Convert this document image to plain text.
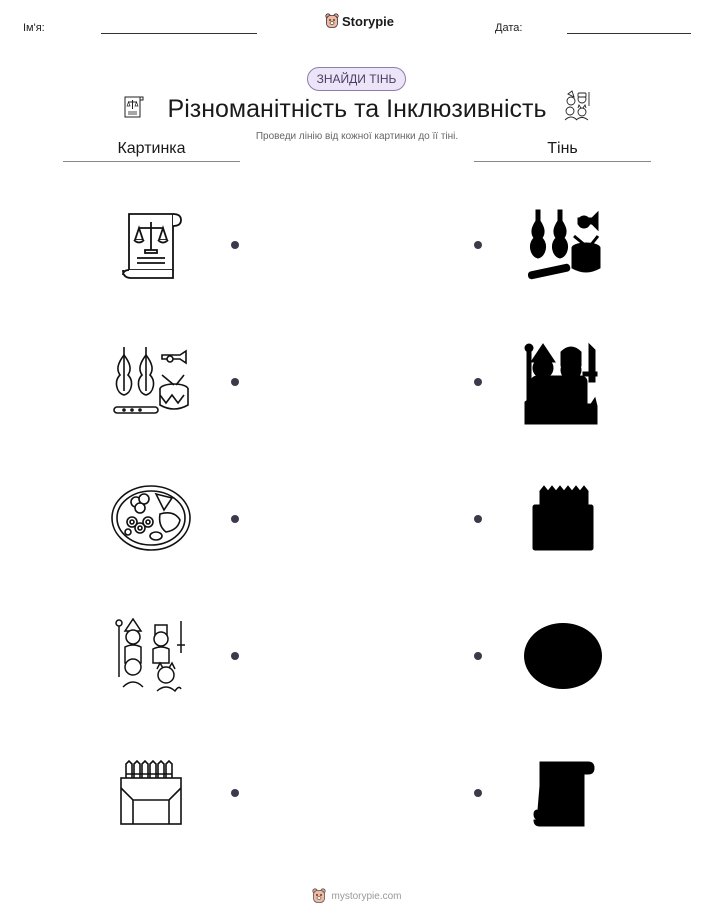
Ім'я:	Storypie	Дата:
ЗНАЙДИ ТІНЬ
Різноманітність та Інклюзивність
Проведи лінію від кожної картинки до її тіні.
Картинка	Тінь
mystorypie.com
